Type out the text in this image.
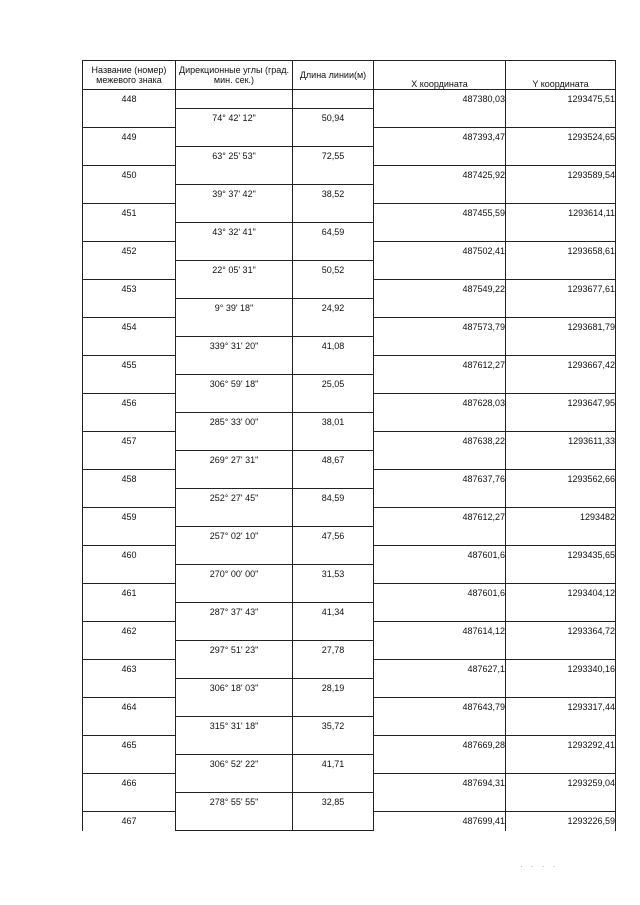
Название (номер) межевого знака	Дирекционные углы (град. мин. сек.)	Длина линии(м)	Х координата	Y координата
448			487380,03	1293475,51
	74° 42' 12"	50,94		
449			487393,47	1293524,65
	63° 25' 53"	72,55		
450			487425,92	1293589,54
	39° 37' 42"	38,52		
451			487455,59	1293614,11
	43° 32' 41"	64,59		
452			487502,41	1293658,61
	22° 05' 31"	50,52		
453			487549,22	1293677,61
	9° 39' 18"	24,92		
454			487573,79	1293681,79
	339° 31' 20"	41,08		
455			487612,27	1293667,42
	306° 59' 18"	25,05		
456			487628,03	1293647,95
	285° 33' 00"	38,01		
457			487638,22	1293611,33
	269° 27' 31"	48,67		
458			487637,76	1293562,66
	252° 27' 45"	84,59		
459			487612,27	1293482
	257° 02' 10"	47,56		
460			487601,6	1293435,65
	270° 00' 00"	31,53		
461			487601,6	1293404,12
	287° 37' 43"	41,34		
462			487614,12	1293364,72
	297° 51' 23"	27,78		
463			487627,1	1293340,16
	306° 18' 03"	28,19		
464			487643,79	1293317,44
	315° 31' 18"	35,72		
465			487669,28	1293292,41
	306° 52' 22"	41,71		
466			487694,31	1293259,04
	278° 55' 55"	32,85		
467			487699,41	1293226,59
· · · ·
